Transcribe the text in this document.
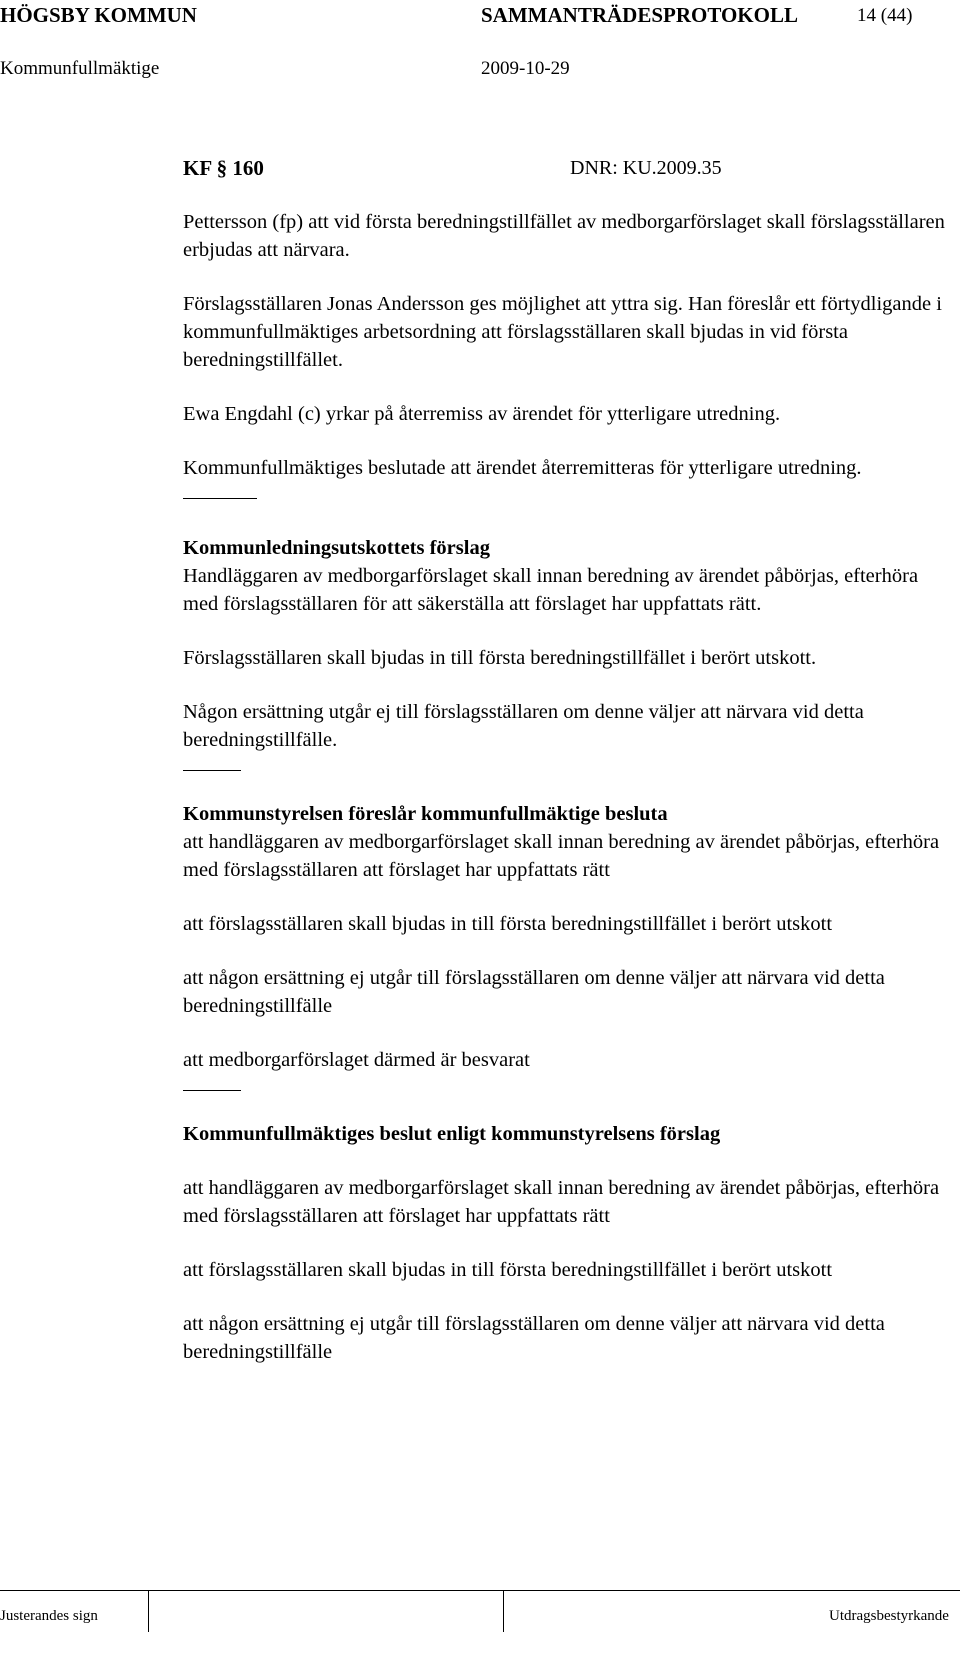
HÖGSBY KOMMUN	SAMMANTRÄDESPROTOKOLL	14 (44)
Kommunfullmäktige	2009-10-29
KF § 160	DNR: KU.2009.35

Pettersson (fp) att vid första beredningstillfället av medborgarförslaget skall förslagsställaren erbjudas att närvara.

Förslagsställaren Jonas Andersson ges möjlighet att yttra sig. Han föreslår ett förtydligande i kommunfullmäktiges arbetsordning att förslagsställaren skall bjudas in vid första beredningstillfället.

Ewa Engdahl (c) yrkar på återremiss av ärendet för ytterligare utredning.

Kommunfullmäktiges beslutade att ärendet återremitteras för ytterligare utredning.

Kommunledningsutskottets förslag

Handläggaren av medborgarförslaget skall innan beredning av ärendet påbörjas, efterhöra med förslagsställaren för att säkerställa att förslaget har uppfattats rätt.

Förslagsställaren skall bjudas in till första beredningstillfället i berört utskott.

Någon ersättning utgår ej till förslagsställaren om denne väljer att närvara vid detta beredningstillfälle.

Kommunstyrelsen föreslår kommunfullmäktige besluta

att handläggaren av medborgarförslaget skall innan beredning av ärendet påbörjas, efterhöra med förslagsställaren att förslaget har uppfattats rätt

att förslagsställaren skall bjudas in till första beredningstillfället i berört utskott

att någon ersättning ej utgår till förslagsställaren om denne väljer att närvara vid detta beredningstillfälle

att medborgarförslaget därmed är besvarat

Kommunfullmäktiges beslut enligt kommunstyrelsens förslag

att handläggaren av medborgarförslaget skall innan beredning av ärendet påbörjas, efterhöra med förslagsställaren att förslaget har uppfattats rätt

att förslagsställaren skall bjudas in till första beredningstillfället i berört utskott

att någon ersättning ej utgår till förslagsställaren om denne väljer att närvara vid detta beredningstillfälle

Justerandes sign	Utdragsbestyrkande
